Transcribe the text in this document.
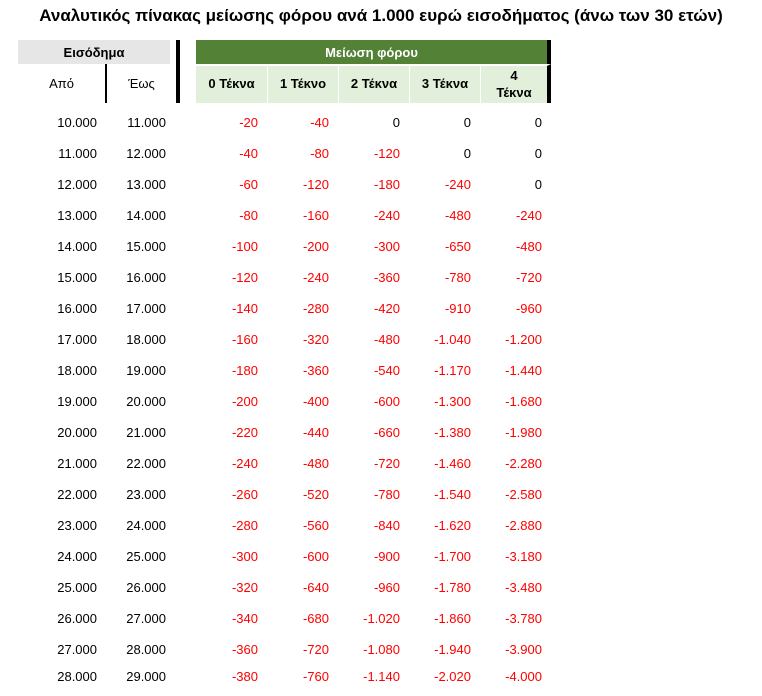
Αναλυτικός πίνακας μείωσης φόρου ανά 1.000 ευρώ εισοδήματος (άνω των 30 ετών)
Εισόδημα			Μείωση φόρου				
Από	Έως		0 Τέκνα	1 Τέκνο	2 Τέκνα	3 Τέκνα	4 Τέκνα

10.000	11.000		-20	-40	0	0	0
11.000	12.000		-40	-80	-120	0	0
12.000	13.000		-60	-120	-180	-240	0
13.000	14.000		-80	-160	-240	-480	-240
14.000	15.000		-100	-200	-300	-650	-480
15.000	16.000		-120	-240	-360	-780	-720
16.000	17.000		-140	-280	-420	-910	-960
17.000	18.000		-160	-320	-480	-1.040	-1.200
18.000	19.000		-180	-360	-540	-1.170	-1.440
19.000	20.000		-200	-400	-600	-1.300	-1.680
20.000	21.000		-220	-440	-660	-1.380	-1.980
21.000	22.000		-240	-480	-720	-1.460	-2.280
22.000	23.000		-260	-520	-780	-1.540	-2.580
23.000	24.000		-280	-560	-840	-1.620	-2.880
24.000	25.000		-300	-600	-900	-1.700	-3.180
25.000	26.000		-320	-640	-960	-1.780	-3.480
26.000	27.000		-340	-680	-1.020	-1.860	-3.780
27.000	28.000		-360	-720	-1.080	-1.940	-3.900
28.000	29.000		-380	-760	-1.140	-2.020	-4.000
